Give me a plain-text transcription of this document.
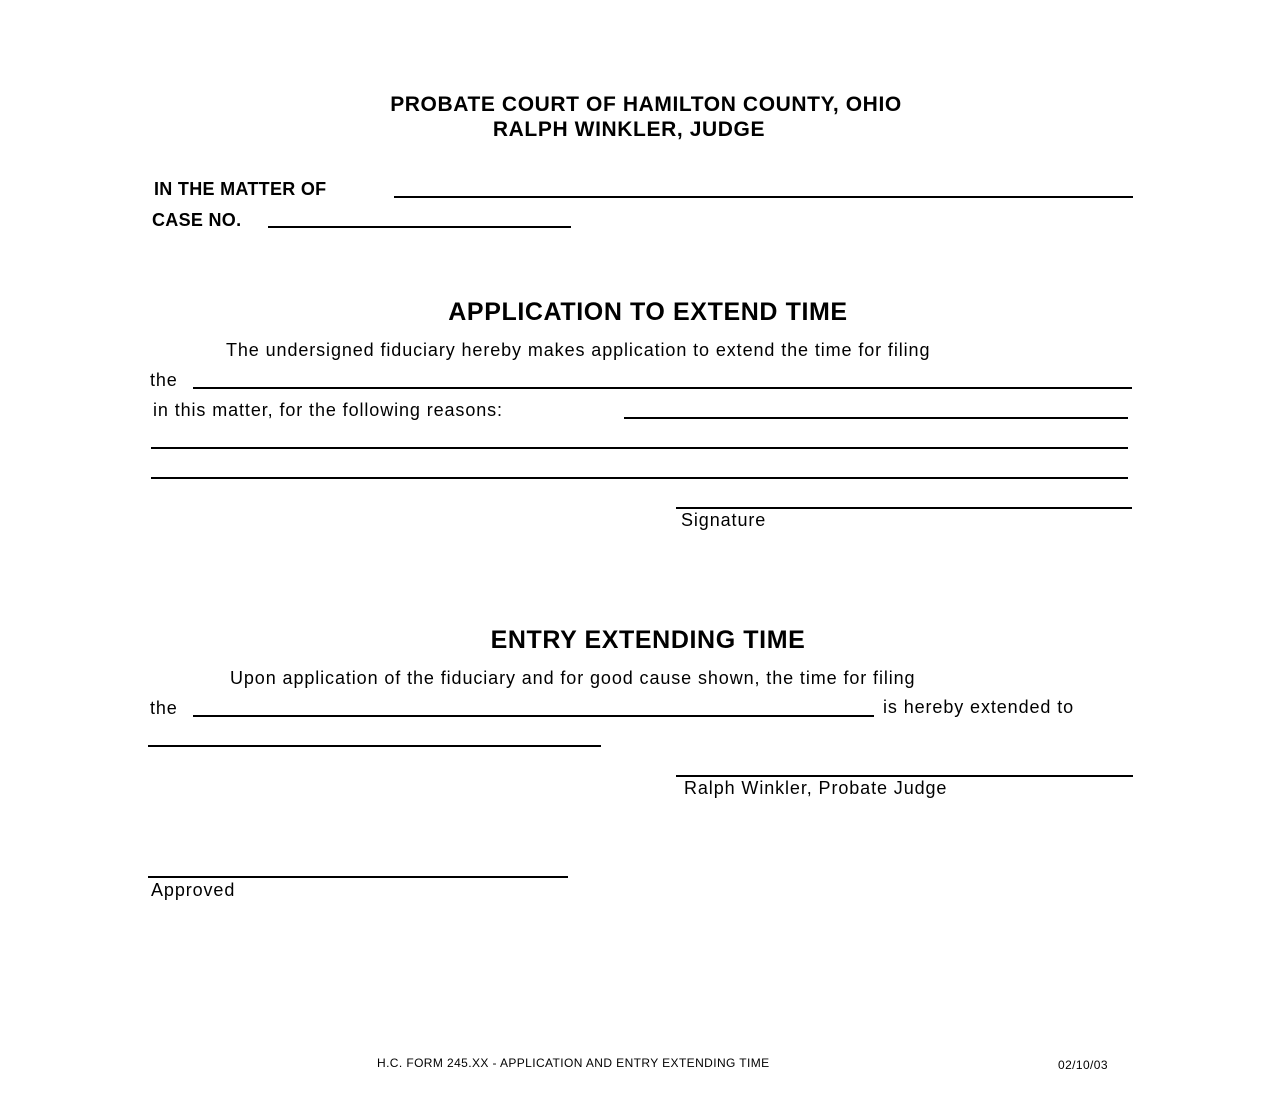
PROBATE COURT OF HAMILTON COUNTY, OHIO
RALPH WINKLER, JUDGE
IN THE MATTER OF
CASE NO.
APPLICATION TO EXTEND TIME
The undersigned fiduciary hereby makes application to extend the time for filing
the
in this matter, for the following reasons:
Signature
ENTRY EXTENDING TIME
Upon application of the fiduciary and for good cause shown, the time for filing
the	is hereby extended to
Ralph Winkler, Probate Judge
Approved
H.C. FORM 245.XX - APPLICATION AND ENTRY EXTENDING TIME	02/10/03
